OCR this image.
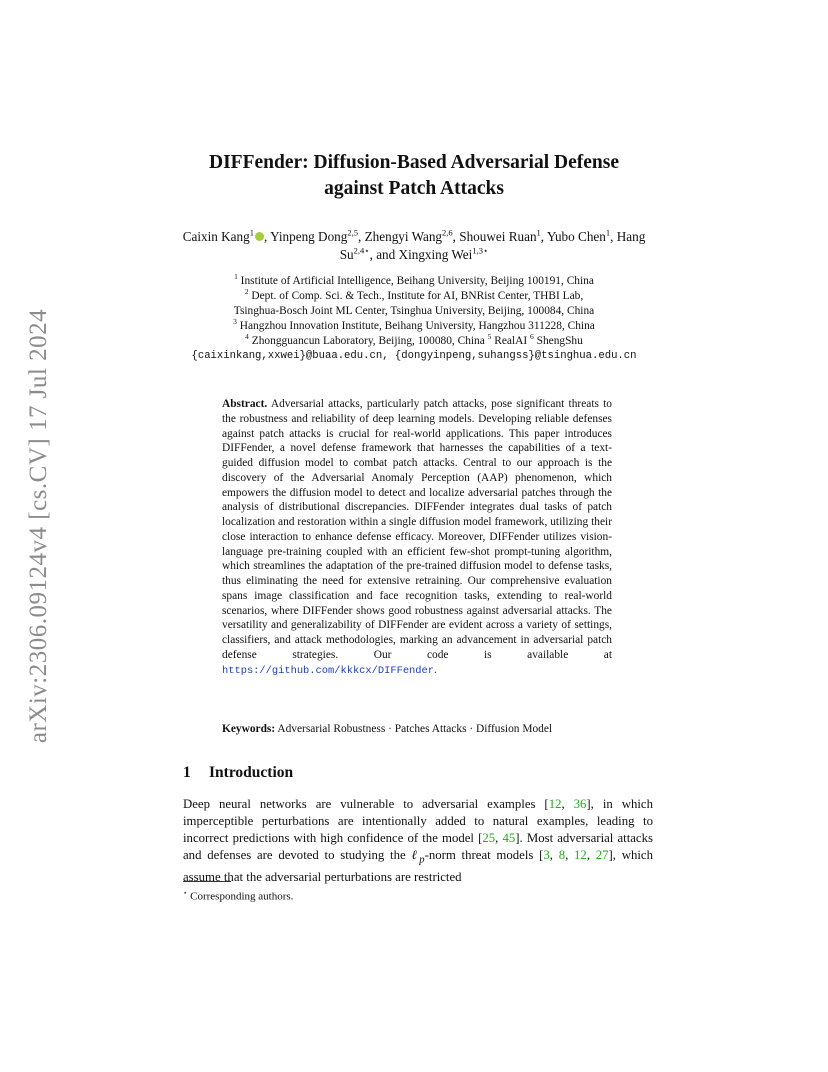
arXiv:2306.09124v4 [cs.CV] 17 Jul 2024
DIFFender: Diffusion-Based Adversarial Defense
against Patch Attacks
Caixin Kang$^1$ , Yinpeng Dong$^{2,5}$, Zhengyi Wang$^{2,6}$, Shouwei Ruan$^1$, Yubo Chen$^1$, Hang $Su^{2,4⋆}$, and Xingxing Wei$^{1,3⋆}$
$^1$ Institute of Artificial Intelligence, Beihang University, Beijing 100191, China
$^2$ Dept. of Comp. Sci. & Tech., Institute for AI, BNRist Center, THBI Lab,
Tsinghua-Bosch Joint ML Center, Tsinghua University, Beijing, 100084, China
$^3$ Hangzhou Innovation Institute, Beihang University, Hangzhou 311228, China
$^4$ Zhongguancun Laboratory, Beijing, 100080, China $^5$ RealAI $^6$ ShengShu
{caixinkang,xxwei}@buaa.edu.cn, {dongyinpeng,suhangss}@tsinghua.edu.cn
Abstract. Adversarial attacks, particularly patch attacks, pose significant threats to the robustness and reliability of deep learning models. Developing reliable defenses against patch attacks is crucial for real-world applications. This paper introduces DIFFender, a novel defense framework that harnesses the capabilities of a text-guided diffusion model to combat patch attacks. Central to our approach is the discovery of the Adversarial Anomaly Perception (AAP) phenomenon, which empowers the diffusion model to detect and localize adversarial patches through the analysis of distributional discrepancies. DIFFender integrates dual tasks of patch localization and restoration within a single diffusion model framework, utilizing their close interaction to enhance defense efficacy. Moreover, DIFFender utilizes vision-language pre-training coupled with an efficient few-shot prompt-tuning algorithm, which streamlines the adaptation of the pre-trained diffusion model to defense tasks, thus eliminating the need for extensive retraining. Our comprehensive evaluation spans image classification and face recognition tasks, extending to real-world scenarios, where DIFFender shows good robustness against adversarial attacks. The versatility and generalizability of DIFFender are evident across a variety of settings, classifiers, and attack methodologies, marking an advancement in adversarial patch defense strategies. Our code is available at https://github.com/kkkcx/DIFFender.
Keywords: Adversarial Robustness · Patches Attacks · Diffusion Model
1 Introduction
Deep neural networks are vulnerable to adversarial examples [12, 36], in which imperceptible perturbations are intentionally added to natural examples, leading to incorrect predictions with high confidence of the model [25, 45]. Most adversarial attacks and defenses are devoted to studying the ℓ$_p$-norm threat models [3, 8, 12, 27], which assume that the adversarial perturbations are restricted
⋆ Corresponding authors.
